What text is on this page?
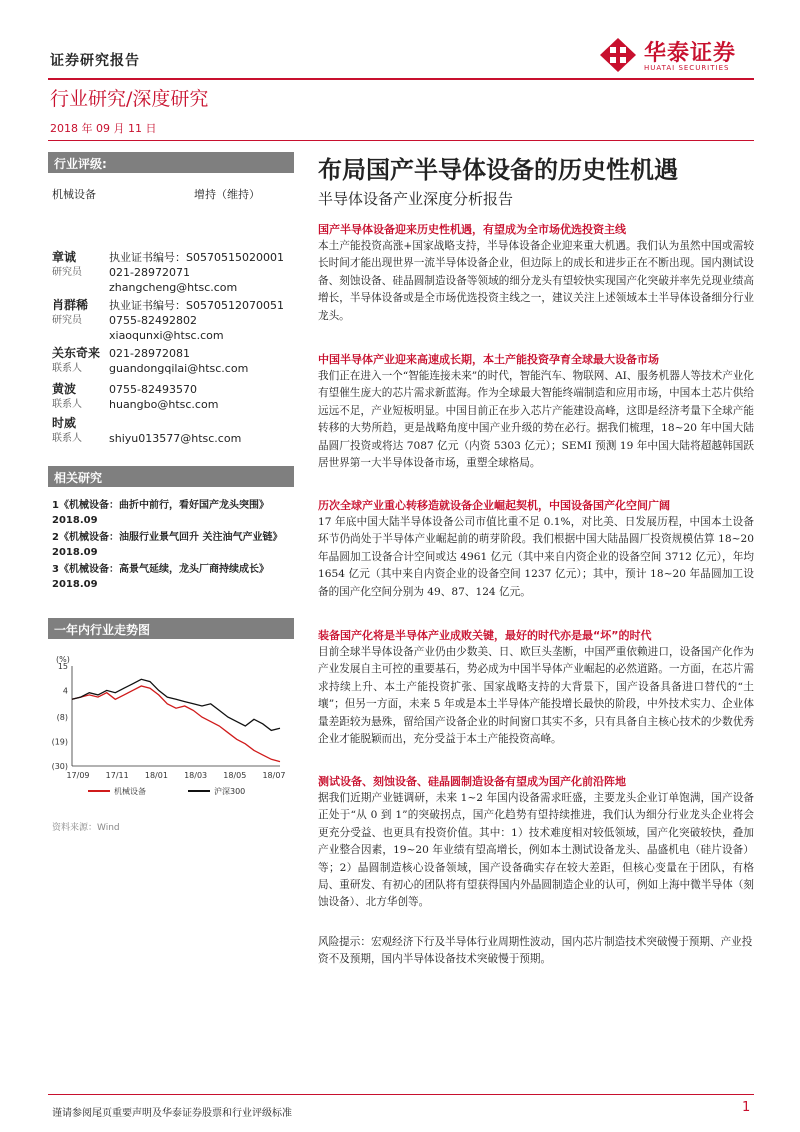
证券研究报告	华泰证券
HUATAI SECURITIES
行业研究/深度研究
2018 年 09 月 11 日
行业评级:
机械设备	增持（维持）
章诚	执业证书编号：S0570515020001
研究员	021-28972071
zhangcheng@htsc.com
肖群稀	执业证书编号：S0570512070051
研究员	0755-82492802
xiaoqunxi@htsc.com
关东奇来 021-28972081
联系人	guandongqilai@htsc.com
黄波	0755-82493570
联系人	huangbo@htsc.com
时威
联系人	shiyu013577@htsc.com
相关研究
1《机械设备：曲折中前行，看好国产龙头突围》2018.09
2《机械设备：油服行业景气回升 关注油气产业链》2018.09
3《机械设备：高景气延续，龙头厂商持续成长》2018.09
一年内行业走势图
(%)
15
4
(8)
(19)
(30)
17/09 17/11 18/01 18/03 18/05 18/07
机械设备	沪深300
资料来源：Wind
布局国产半导体设备的历史性机遇
半导体设备产业深度分析报告
国产半导体设备迎来历史性机遇，有望成为全市场优选投资主线

本土产能投资高涨+国家战略支持，半导体设备企业迎来重大机遇。我们认为虽然中国或需较长时间才能出现世界一流半导体设备企业，但边际上的成长和进步正在不断出现。国内测试设备、刻蚀设备、硅晶圆制造设备等领域的细分龙头有望较快实现国产化突破并率先兑现业绩高增长，半导体设备或是全市场优选投资主线之一，建议关注上述领域本土半导体设备细分行业龙头。

中国半导体产业迎来高速成长期，本土产能投资孕育全球最大设备市场

我们正在进入一个“智能连接未来”的时代，智能汽车、物联网、AI、服务机器人等技术产业化有望催生庞大的芯片需求新蓝海。作为全球最大智能终端制造和应用市场，中国本土芯片供给远远不足，产业短板明显。中国目前正在步入芯片产能建设高峰，这即是经济考量下全球产能转移的大势所趋，更是战略角度中国产业升级的势在必行。据我们梳理，18~20 年中国大陆晶圆厂投资或将达 7087 亿元（内资 5303 亿元）；SEMI 预测 19 年中国大陆将超越韩国跃居世界第一大半导体设备市场，重塑全球格局。

历次全球产业重心转移造就设备企业崛起契机，中国设备国产化空间广阔

17 年底中国大陆半导体设备公司市值比重不足 0.1%，对比美、日发展历程，中国本土设备环节仍尚处于半导体产业崛起前的萌芽阶段。我们根据中国大陆晶圆厂投资规模估算 18~20 年晶圆加工设备合计空间或达 4961 亿元（其中来自内资企业的设备空间 3712 亿元），年均 1654 亿元（其中来自内资企业的设备空间 1237 亿元）；其中，预计 18~20 年晶圆加工设备的国产化空间分别为 49、87、124 亿元。

装备国产化将是半导体产业成败关键，最好的时代亦是最“坏”的时代

目前全球半导体设备产业仍由少数美、日、欧巨头垄断，中国严重依赖进口，设备国产化作为产业发展自主可控的重要基石，势必成为中国半导体产业崛起的必然道路。一方面，在芯片需求持续上升、本土产能投资扩张、国家战略支持的大背景下，国产设备具备进口替代的“土壤”；但另一方面，未来 5 年或是本土半导体产能投增长最快的阶段，中外技术实力、企业体量差距较为悬殊，留给国产设备企业的时间窗口其实不多，只有具备自主核心技术的少数优秀企业才能脱颖而出，充分受益于本土产能投资高峰。

测试设备、刻蚀设备、硅晶圆制造设备有望成为国产化前沿阵地

据我们近期产业链调研，未来 1~2 年国内设备需求旺盛，主要龙头企业订单饱满，国产设备正处于“从 0 到 1”的突破拐点，国产化趋势有望持续推进，我们认为细分行业龙头企业将会更充分受益、也更具有投资价值。其中：1）技术难度相对较低领域，国产化突破较快，叠加产业整合因素，19~20 年业绩有望高增长，例如本土测试设备龙头、晶盛机电（硅片设备）等；2）晶圆制造核心设备领域，国产设备确实存在较大差距，但核心变量在于团队，有格局、重研发、有初心的团队将有望获得国内外晶圆制造企业的认可，例如上海中微半导体（刻蚀设备）、北方华创等。

风险提示：宏观经济下行及半导体行业周期性波动，国内芯片制造技术突破慢于预期、产业投资不及预期，国内半导体设备技术突破慢于预期。
谨请参阅尾页重要声明及华泰证券股票和行业评级标准	1
